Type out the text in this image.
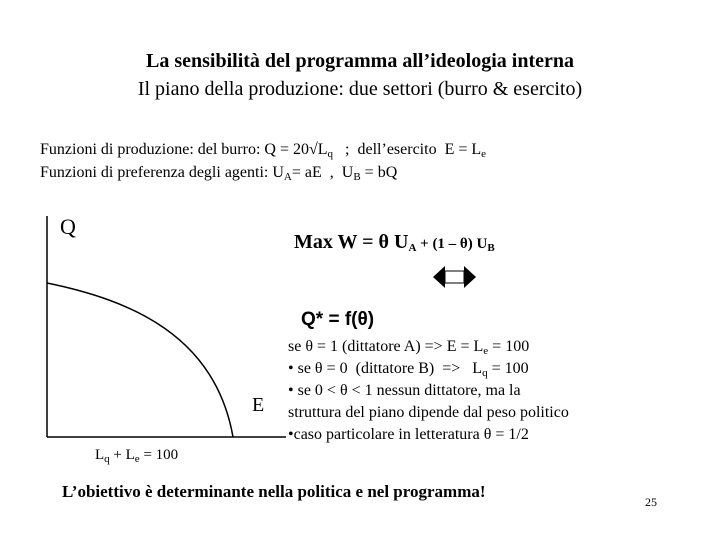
La sensibilità del programma all’ideologia interna
Il piano della produzione: due settori (burro & esercito)
Funzioni di produzione: del burro: $Q = 20√L_q$   ;  dell’esercito  $E = L_e$
Funzioni di preferenza degli agenti: $U_A=$ aE  ,  $U_B$ = bQ
Q
E
$L_q + L_e = 100$
Max W = θ $U_A + (1 - \theta)$ $U_B$
Q* = f(θ)
se θ = 1 (dittatore $A) => E = L_e = 100$
• se θ = 0  (dittatore $B) => L_q = 100$
• se 0 < θ < 1 nessun dittatore, ma la
struttura del piano dipende dal peso politico
•caso particolare in letteratura θ = 1/2
L’obiettivo è determinante nella politica e nel programma!
25
